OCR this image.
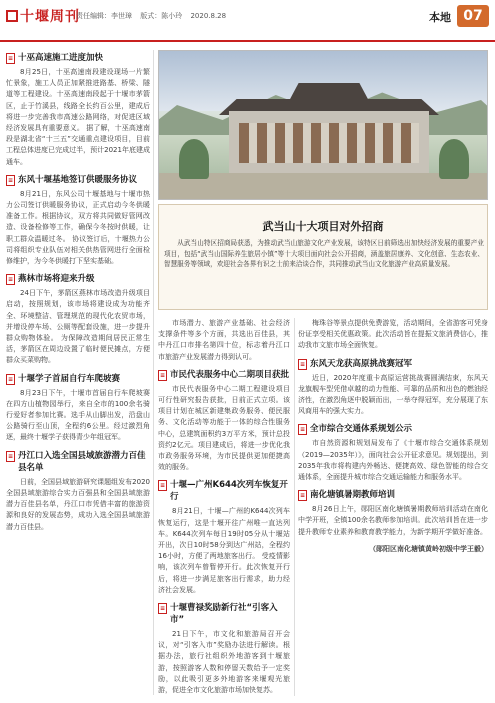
十堰周刊
责任编辑：李世璋 版式：陈小玲 2020.8.28	本地 07
≡ 十巫高速施工进度加快

8月25日，十巫高速南段建设现场一片繁忙景象，施工人员正加紧推进路基、桥梁、隧道等工程建设。十巫高速南段起于十堰市茅箭区，止于竹溪县，线路全长约百公里，建成后将进一步完善我市高速公路网络，对促进区域经济发展具有重要意义。 据了解，十巫高速南段是湖北省“十三五”交通重点建设项目，目前工程总体进度已完成过半，预计2021年底建成通车。

≡ 东风十堰基地签订供暖服务协议

8月21日，东风公司十堰基地与十堰市热力公司签订供暖服务协议，正式启动今冬供暖准备工作。根据协议，双方将共同做好管网改造、设备检修等工作，确保今冬按时供暖，让职工群众温暖过冬。 协议签订后，十堰热力公司将组织专业队伍对相关供热管网进行全面检修维护，为今冬供暖打下坚实基础。

≡ 燕林市场将迎来升级

24日下午，茅箭区燕林市场改造升级项目启动，按照规划，该市场将建设成为功能齐全、环境整洁、管理规范的现代化农贸市场，并增设停车场、公厕等配套设施，进一步提升群众购物体验。 为保障改造期间居民正常生活，茅箭区在周边设置了临时便民摊点，方便群众买菜购物。

≡ 十堰学子首届自行车爬坡赛

8月23日下午，十堰市首届自行车爬坡赛在四方山植物园举行，来自全市的100余名骑行爱好者参加比赛。选手从山脚出发，沿盘山公路骑行至山顶，全程约6公里。经过激烈角逐，最终十堰学子获得青少年组冠军。

≡ 丹江口入选全国县域旅游潜力百佳县名单

日前，全国县域旅游研究课题组发布2020全国县域旅游综合实力百强县和全国县域旅游潜力百佳县名单，丹江口市凭借丰富的旅游资源和良好的发展态势，成功入选全国县域旅游潜力百佳县。

武当山十大项目对外招商
从武当山特区招商局获悉，为推动武当山旅游文化产业发展，该特区日前筛选出加快经济发展的重要产业项目，包括“武当山国际养生旅居小镇”等十大项目面向社会公开招商，涵盖旅居康养、文化创意、生态农业、智慧服务等领域，欢迎社会各界有识之士前来洽谈合作，共同推动武当山文化旅游产业高质量发展。

市场潜力、旅游产业基础、社会经济支撑条件等多个方面，共选出百佳县，其中丹江口市排名第四十位，标志着丹江口市旅游产业发展潜力得到认可。

≡ 市民代表服务中心二期项目获批

市民代表服务中心二期工程建设项目可行性研究报告获批，日前正式立项。该项目计划在城区新建集政务服务、便民服务、文化活动等功能于一体的综合性服务中心，总建筑面积约3万平方米，预计总投资约2亿元。项目建成后，将进一步优化我市政务服务环境，为市民提供更加便捷高效的服务。

≡ 十堰—广州K644次列车恢复开行

8月21日，十堰—广州的K644次列车恢复运行，这是十堰开往广州唯一直达列车。K644次列车每日19时05分从十堰站开出，次日10时58分到达广州站，全程约16小时，方便了两地旅客出行。 受疫情影响，该次列车曾暂停开行。此次恢复开行后，将进一步满足旅客出行需求，助力经济社会发展。

≡ 十堰曹禄奖励新行社“引客入市”

21日下午，市文化和旅游局召开会议，对“引客入市”奖励办法进行解读。根据办法，旅行社组织外地游客到十堰旅游，按照游客人数和停留天数给予一定奖励，以此吸引更多外地游客来堰观光旅游，促进全市文化旅游市场加快复苏。

梅珠谷等景点提供免费游览，活动期间，全省游客可凭身份证享受相关优惠政策。此次活动旨在提振文旅消费信心，推动我市文旅市场全面恢复。

≡ 东风天龙获高原挑战赛冠军

近日，2020年度重卡高原运营挑战赛圆满结束，东风天龙旗舰车型凭借卓越的动力性能、可靠的品质和出色的燃油经济性，在激烈角逐中脱颖而出，一举夺得冠军，充分展现了东风商用车的强大实力。

≡ 全市综合交通体系规划公示

市自然资源和规划局发布了《十堰市综合交通体系规划（2019—2035年）》，面向社会公开征求意见。规划提出，到2035年我市将构建内外畅达、便捷高效、绿色智能的综合交通体系，全面提升城市综合交通运输能力和服务水平。

≡ 南化塘镇暑期教师培训

8月26日上午，郧阳区南化塘镇暑期教师培训活动在南化中学开班，全镇100余名教师参加培训。此次培训旨在进一步提升教师专业素养和教育教学能力，为新学期开学做好准备。

（郧阳区南化塘镇黄岭初级中学王毅）
